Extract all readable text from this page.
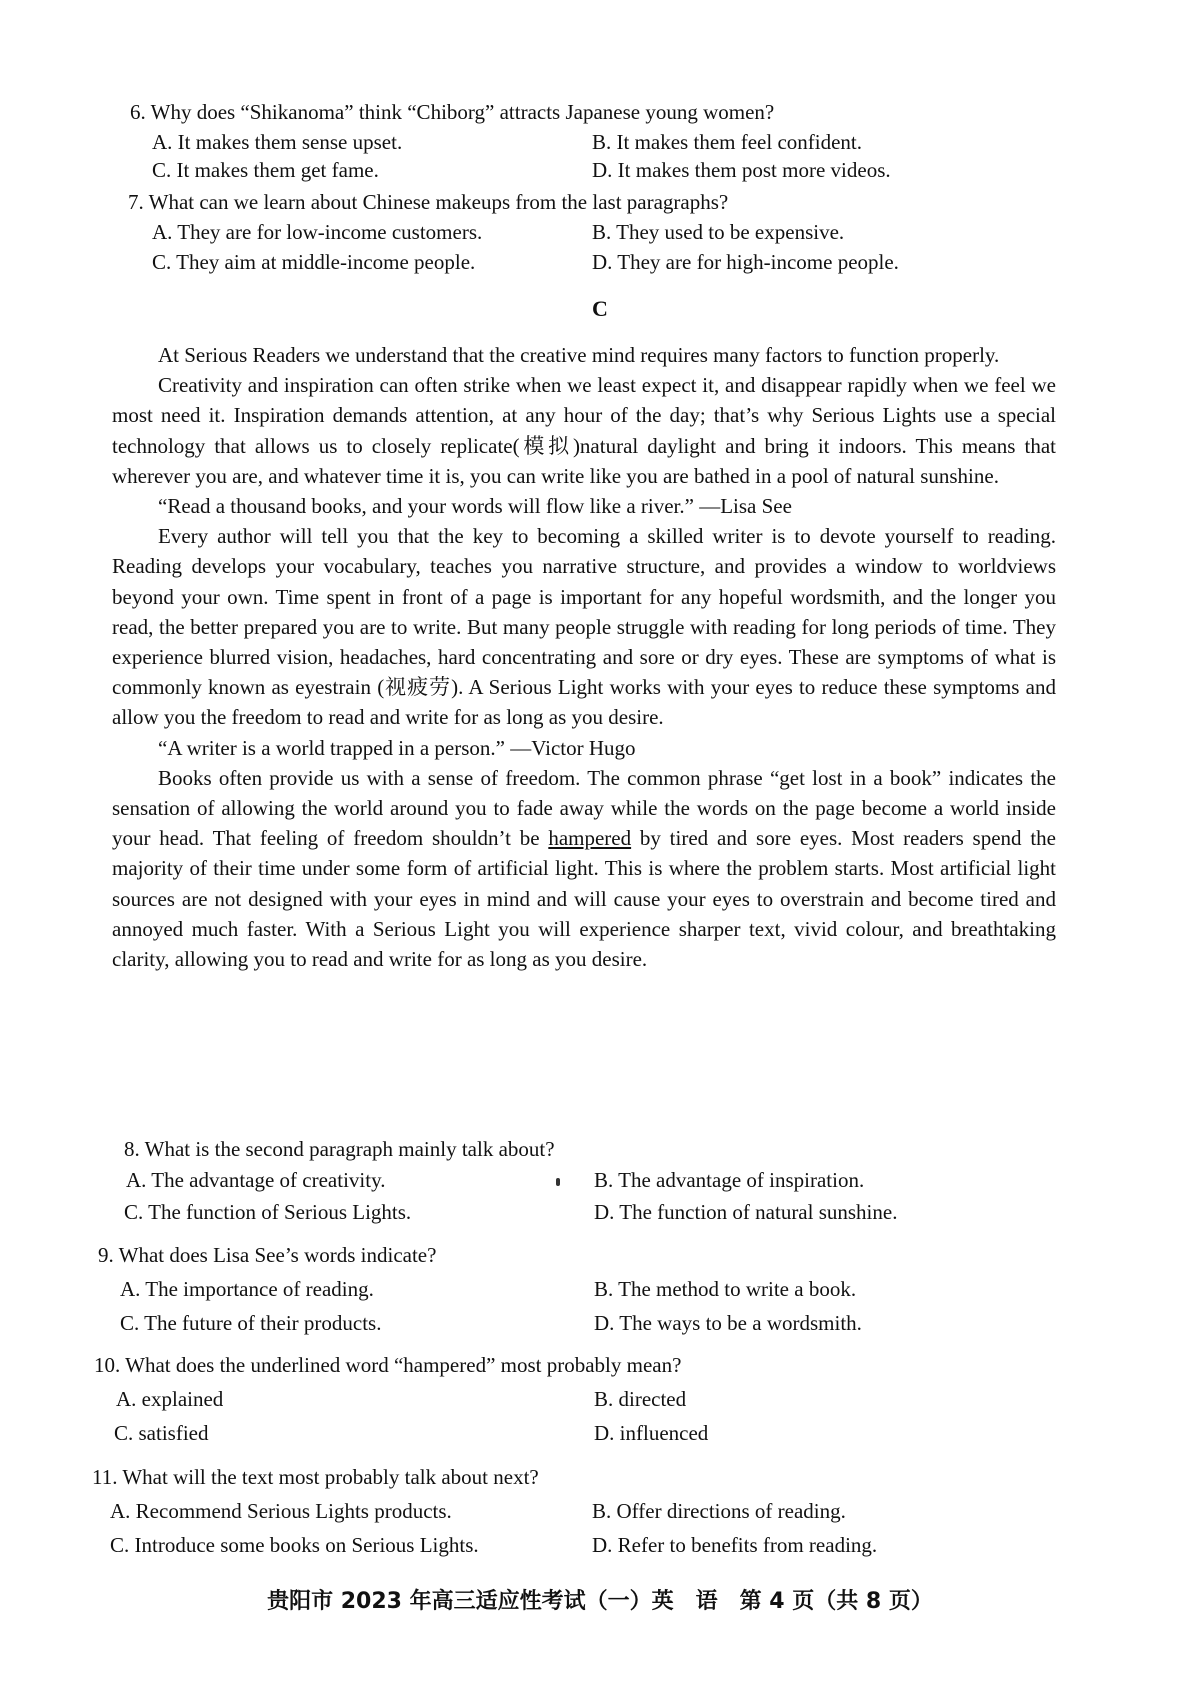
6. Why does “Shikanoma” think “Chiborg” attracts Japanese young women?
A. It makes them sense upset.	B. It makes them feel confident.
C. It makes them get fame.	D. It makes them post more videos.
7. What can we learn about Chinese makeups from the last paragraphs?
A. They are for low-income customers.	B. They used to be expensive.
C. They aim at middle-income people.	D. They are for high-income people.
C

At Serious Readers we understand that the creative mind requires many factors to function properly.

Creativity and inspiration can often strike when we least expect it, and disappear rapidly when we feel we most need it. Inspiration demands attention, at any hour of the day; that’s why Serious Lights use a special technology that allows us to closely replicate(模拟)natural daylight and bring it indoors. This means that wherever you are, and whatever time it is, you can write like you are bathed in a pool of natural sunshine.

“Read a thousand books, and your words will flow like a river.” —Lisa See

Every author will tell you that the key to becoming a skilled writer is to devote yourself to reading. Reading develops your vocabulary, teaches you narrative structure, and provides a window to worldviews beyond your own. Time spent in front of a page is important for any hopeful wordsmith, and the longer you read, the better prepared you are to write. But many people struggle with reading for long periods of time. They experience blurred vision, headaches, hard concentrating and sore or dry eyes. These are symptoms of what is commonly known as eyestrain (视疲劳). A Serious Light works with your eyes to reduce these symptoms and allow you the freedom to read and write for as long as you desire.

“A writer is a world trapped in a person.” —Victor Hugo

Books often provide us with a sense of freedom. The common phrase “get lost in a book” indicates the sensation of allowing the world around you to fade away while the words on the page become a world inside your head. That feeling of freedom shouldn’t be hampered by tired and sore eyes. Most readers spend the majority of their time under some form of artificial light. This is where the problem starts. Most artificial light sources are not designed with your eyes in mind and will cause your eyes to overstrain and become tired and annoyed much faster. With a Serious Light you will experience sharper text, vivid colour, and breathtaking clarity, allowing you to read and write for as long as you desire.

8. What is the second paragraph mainly talk about?
A. The advantage of creativity.	B. The advantage of inspiration.
C. The function of Serious Lights.	D. The function of natural sunshine.
9. What does Lisa See’s words indicate?
A. The importance of reading.	B. The method to write a book.
C. The future of their products.	D. The ways to be a wordsmith.
10. What does the underlined word “hampered” most probably mean?
A. explained	B. directed
C. satisfied	D. influenced
11. What will the text most probably talk about next?
A. Recommend Serious Lights products.	B. Offer directions of reading.
C. Introduce some books on Serious Lights.	D. Refer to benefits from reading.
贵阳市 2023 年高三适应性考试（一）英　语　第 4 页（共 8 页）
